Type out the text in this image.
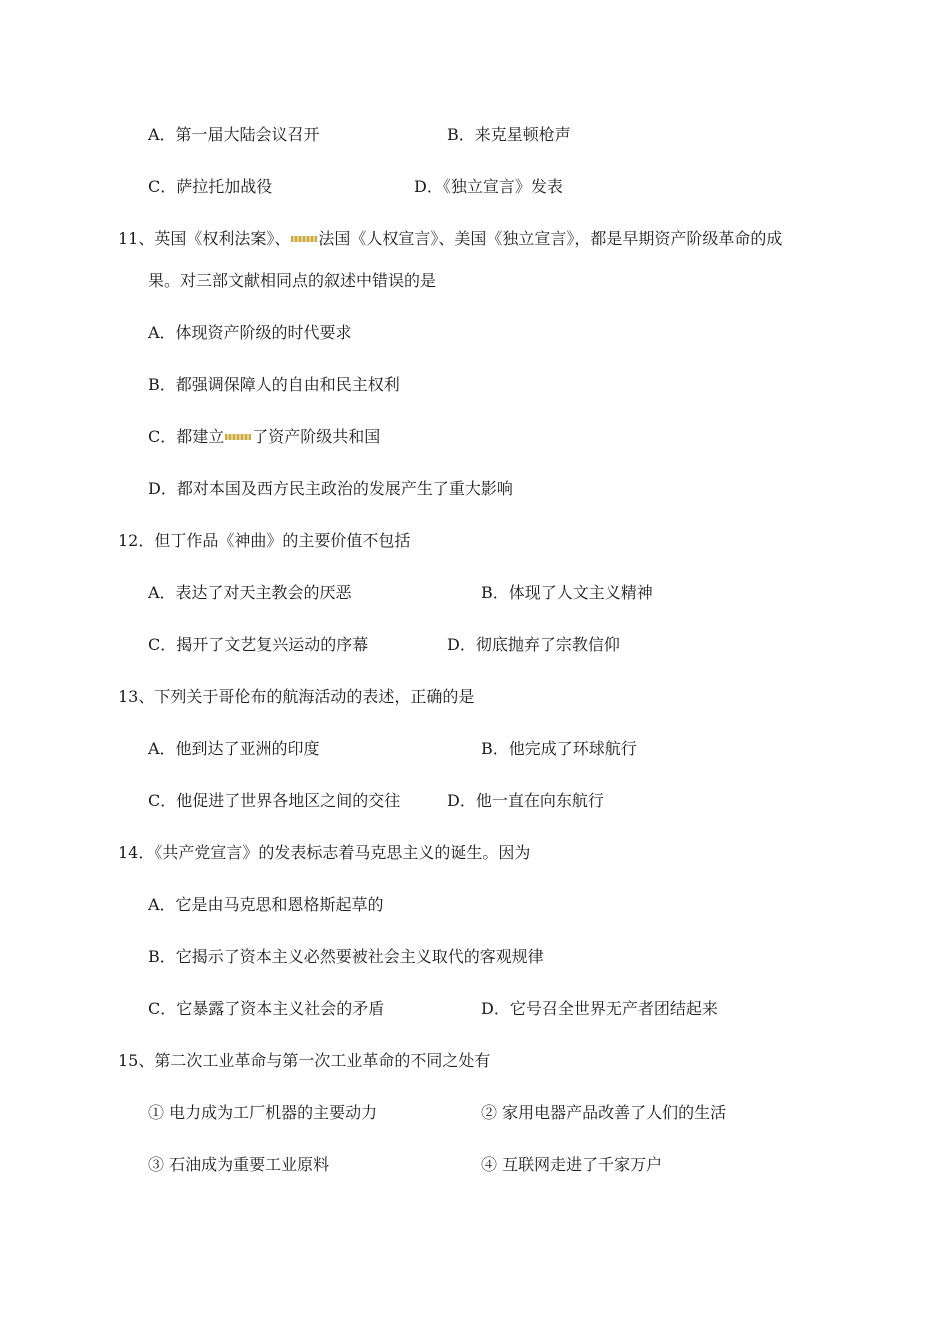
A．第一届大陆会议召开	B．来克星顿枪声
C．萨拉托加战役	D．《独立宣言》发表
11、英国《权利法案》、 法国《人权宣言》、美国《独立宣言》，都是早期资产阶级革命的成
果。对三部文献相同点的叙述中错误的是
A．体现资产阶级的时代要求
B．都强调保障人的自由和民主权利
C．都建立 了资产阶级共和国
D．都对本国及西方民主政治的发展产生了重大影响
12．但丁作品《神曲》的主要价值不包括
A．表达了对天主教会的厌恶	B．体现了人文主义精神
C．揭开了文艺复兴运动的序幕	D．彻底抛弃了宗教信仰
13、下列关于哥伦布的航海活动的表述，正确的是
A．他到达了亚洲的印度	B．他完成了环球航行
C．他促进了世界各地区之间的交往	D．他一直在向东航行
14．《共产党宣言》的发表标志着马克思主义的诞生。因为
A．它是由马克思和恩格斯起草的
B．它揭示了资本主义必然要被社会主义取代的客观规律
C．它暴露了资本主义社会的矛盾	D．它号召全世界无产者团结起来
15、第二次工业革命与第一次工业革命的不同之处有
① 电力成为工厂机器的主要动力	② 家用电器产品改善了人们的生活
③ 石油成为重要工业原料	④ 互联网走进了千家万户
